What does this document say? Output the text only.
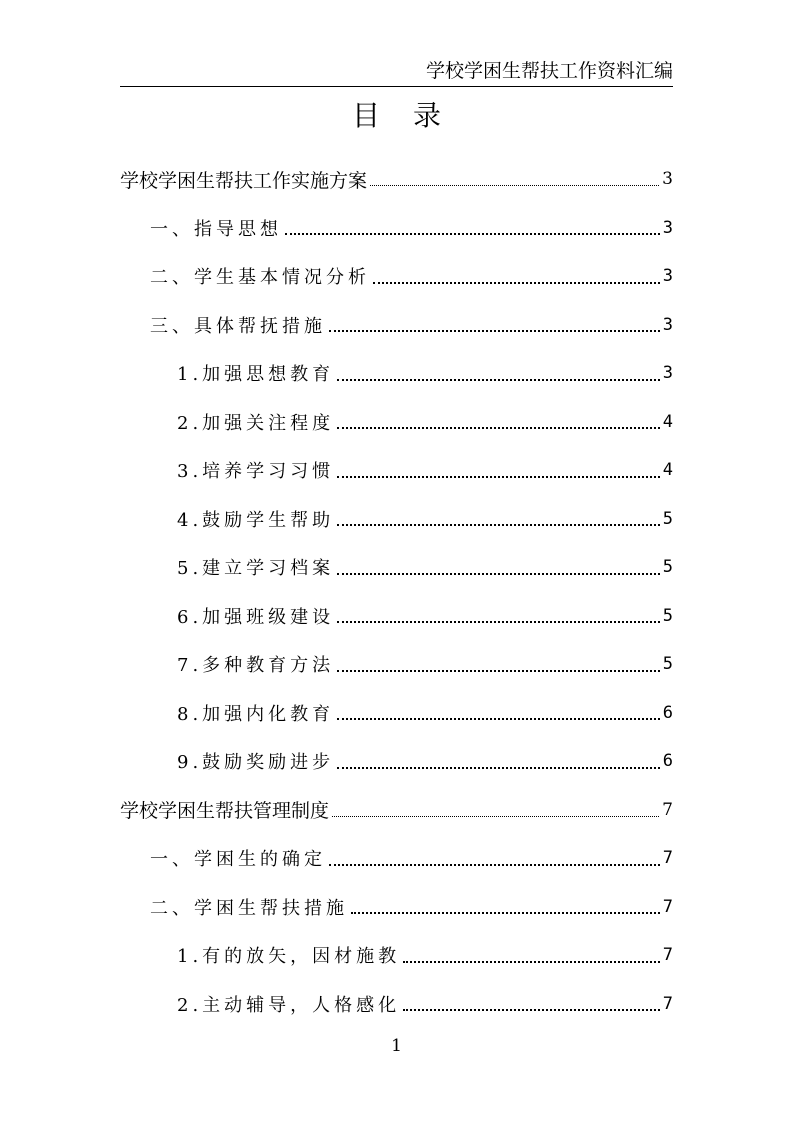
学校学困生帮扶工作资料汇编
目 录
学校学困生帮扶工作实施方案	3
一、指导思想	3
二、学生基本情况分析	3
三、具体帮抚措施	3
1.加强思想教育	3
2.加强关注程度	4
3.培养学习习惯	4
4.鼓励学生帮助	5
5.建立学习档案	5
6.加强班级建设	5
7.多种教育方法	5
8.加强内化教育	6
9.鼓励奖励进步	6
学校学困生帮扶管理制度	7
一、学困生的确定	7
二、学困生帮扶措施	7
1.有的放矢，因材施教	7
2.主动辅导，人格感化	7
1
